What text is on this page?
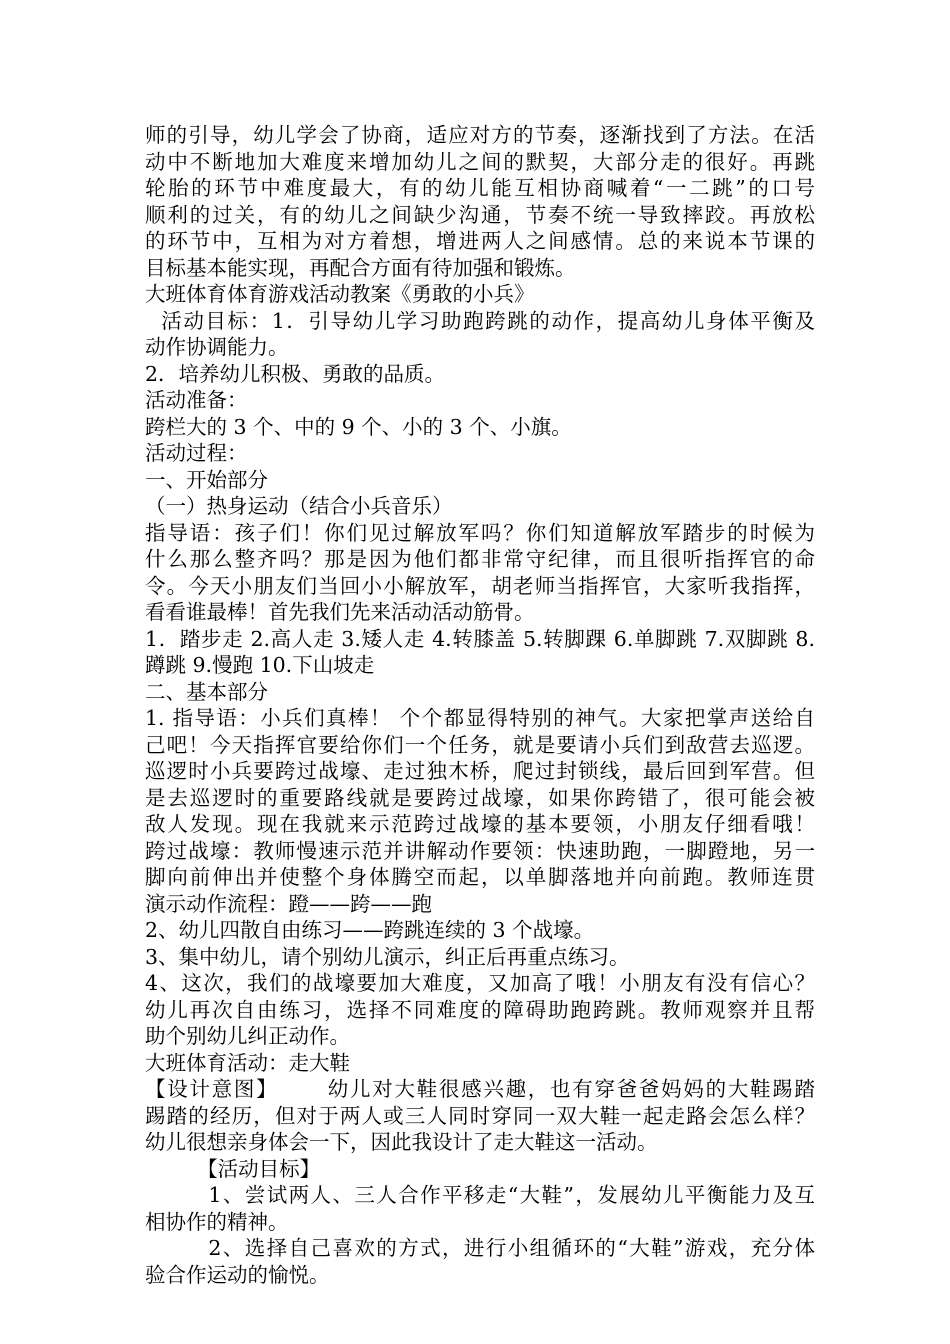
师的引导，幼儿学会了协商，适应对方的节奏，逐渐找到了方法。在活
动中不断地加大难度来增加幼儿之间的默契，大部分走的很好。再跳
轮胎的环节中难度最大，有的幼儿能互相协商喊着“一二跳”的口号
顺利的过关，有的幼儿之间缺少沟通，节奏不统一导致摔跤。再放松
的环节中，互相为对方着想，增进两人之间感情。总的来说本节课的
目标基本能实现，再配合方面有待加强和锻炼。
大班体育体育游戏活动教案《勇敢的小兵》
活动目标：1．引导幼儿学习助跑跨跳的动作，提高幼儿身体平衡及
动作协调能力。
2．培养幼儿积极、勇敢的品质。
活动准备：
跨栏大的 3 个、中的 9 个、小的 3 个、小旗。
活动过程：
一、开始部分
（一）热身运动（结合小兵音乐）
指导语：孩子们！你们见过解放军吗？你们知道解放军踏步的时候为
什么那么整齐吗？那是因为他们都非常守纪律，而且很听指挥官的命
令。今天小朋友们当回小小解放军，胡老师当指挥官，大家听我指挥，
看看谁最棒！首先我们先来活动活动筋骨。
1．踏步走 2.高人走 3.矮人走 4.转膝盖 5.转脚踝 6.单脚跳 7.双脚跳 8.
蹲跳 9.慢跑 10.下山坡走
二、基本部分
1. 指导语：小兵们真棒！ 个个都显得特别的神气。大家把掌声送给自
己吧！今天指挥官要给你们一个任务，就是要请小兵们到敌营去巡逻。
巡逻时小兵要跨过战壕、走过独木桥，爬过封锁线，最后回到军营。但
是去巡逻时的重要路线就是要跨过战壕，如果你跨错了，很可能会被
敌人发现。现在我就来示范跨过战壕的基本要领，小朋友仔细看哦！
跨过战壕：教师慢速示范并讲解动作要领：快速助跑，一脚蹬地，另一
脚向前伸出并使整个身体腾空而起，以单脚落地并向前跑。教师连贯
演示动作流程：蹬——跨——跑
2、幼儿四散自由练习——跨跳连续的 3 个战壕。
3、集中幼儿，请个别幼儿演示，纠正后再重点练习。
4、这次，我们的战壕要加大难度，又加高了哦！小朋友有没有信心？
幼儿再次自由练习，选择不同难度的障碍助跑跨跳。教师观察并且帮
助个别幼儿纠正动作。
大班体育活动：走大鞋
【设计意图】      幼儿对大鞋很感兴趣，也有穿爸爸妈妈的大鞋踢踏
踢踏的经历，但对于两人或三人同时穿同一双大鞋一起走路会怎么样？
幼儿很想亲身体会一下，因此我设计了走大鞋这一活动。
【活动目标】
1、尝试两人、三人合作平移走“大鞋”，发展幼儿平衡能力及互
相协作的精神。
2、选择自己喜欢的方式，进行小组循环的“大鞋”游戏，充分体
验合作运动的愉悦。
